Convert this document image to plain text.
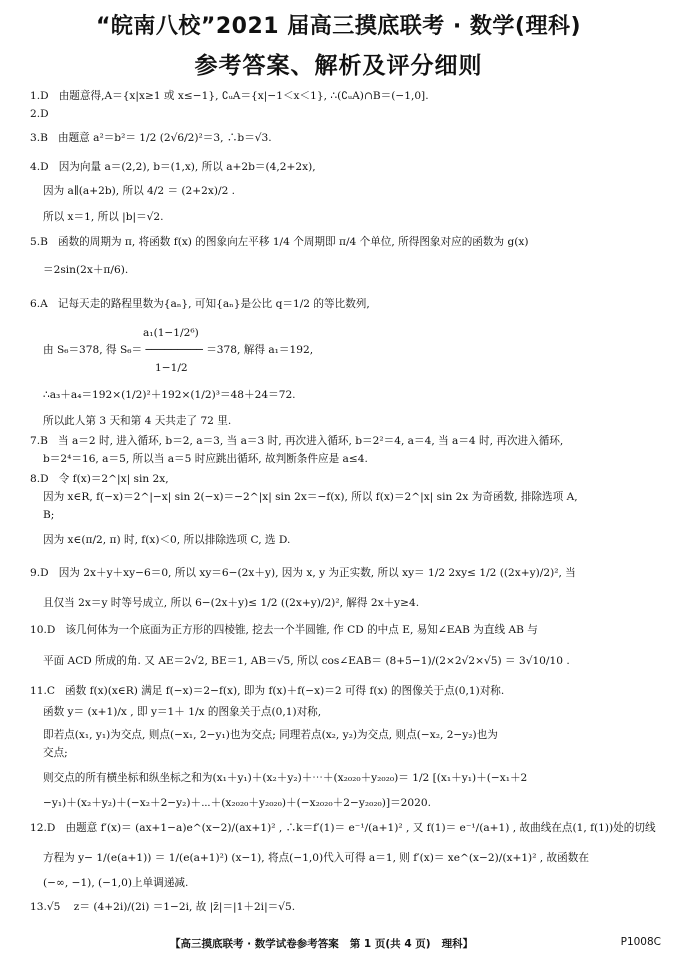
“皖南八校”2021 届高三摸底联考 · 数学(理科)
参考答案、解析及评分细则
1.D   由题意得,A＝{x|x≥1 或 x≤−1}, ∁ᵤA＝{x|−1＜x＜1}, ∴(∁ᵤA)∩B＝(−1,0].
2.D
3.B   由题意 a²＝b²＝ 1/2 (2√6/2)²＝3, ∴b＝√3.
4.D   因为向量 a＝(2,2), b＝(1,x), 所以 a+2b＝(4,2+2x),
因为 a∥(a+2b), 所以 4/2 ＝ (2+2x)/2 .
所以 x＝1, 所以 |b|＝√2.
5.B   函数的周期为 π, 将函数 f(x) 的图象向左平移 1/4 个周期即 π/4 个单位, 所得图象对应的函数为 g(x)
＝2sin(2x＋π/6).
6.A   记每天走的路程里数为{aₙ}, 可知{aₙ}是公比 q＝1/2 的等比数列,
a₁(1−1/2⁶)
由 S₆＝378, 得 S₆＝ ───────── ＝378, 解得 a₁＝192,
1−1/2
∴a₃＋a₄＝192×(1/2)²＋192×(1/2)³＝48＋24＝72.
所以此人第 3 天和第 4 天共走了 72 里.
7.B   当 a＝2 时, 进入循环, b＝2, a＝3, 当 a＝3 时, 再次进入循环, b＝2²＝4, a＝4, 当 a＝4 时, 再次进入循环,
b＝2⁴＝16, a＝5, 所以当 a＝5 时应跳出循环, 故判断条件应是 a≤4.
8.D   令 f(x)＝2^|x| sin 2x,
因为 x∈R, f(−x)＝2^|−x| sin 2(−x)＝−2^|x| sin 2x＝−f(x), 所以 f(x)＝2^|x| sin 2x 为奇函数, 排除选项 A,
B;
因为 x∈(π/2, π) 时, f(x)＜0, 所以排除选项 C, 选 D.
9.D   因为 2x＋y＋xy−6＝0, 所以 xy＝6−(2x＋y), 因为 x, y 为正实数, 所以 xy＝ 1/2 2xy≤ 1/2 ((2x+y)/2)², 当
且仅当 2x＝y 时等号成立, 所以 6−(2x＋y)≤ 1/2 ((2x+y)/2)², 解得 2x＋y≥4.
10.D   该几何体为一个底面为正方形的四棱锥, 挖去一个半圆锥, 作 CD 的中点 E, 易知∠EAB 为直线 AB 与
平面 ACD 所成的角. 又 AE＝2√2, BE＝1, AB＝√5, 所以 cos∠EAB＝ (8+5−1)/(2×2√2×√5) ＝ 3√10/10 .
11.C   函数 f(x)(x∈R) 满足 f(−x)＝2−f(x), 即为 f(x)＋f(−x)＝2 可得 f(x) 的图像关于点(0,1)对称.
函数 y＝ (x+1)/x , 即 y＝1＋ 1/x 的图象关于点(0,1)对称,
即若点(x₁, y₁)为交点, 则点(−x₁, 2−y₁)也为交点; 同理若点(x₂, y₂)为交点, 则点(−x₂, 2−y₂)也为
交点;
则交点的所有横坐标和纵坐标之和为(x₁＋y₁)＋(x₂＋y₂)＋⋯＋(x₂₀₂₀＋y₂₀₂₀)＝ 1/2 [(x₁＋y₁)＋(−x₁＋2
−y₁)＋(x₂＋y₂)＋(−x₂＋2−y₂)＋⋯＋(x₂₀₂₀＋y₂₀₂₀)＋(−x₂₀₂₀＋2−y₂₀₂₀)]＝2020.
12.D   由题意 f′(x)＝ (ax+1−a)e^(x−2)/(ax+1)² , ∴k＝f′(1)＝ e⁻¹/(a+1)² , 又 f(1)＝ e⁻¹/(a+1) , 故曲线在点(1, f(1))处的切线
方程为 y− 1/(e(a+1)) ＝ 1/(e(a+1)²) (x−1), 将点(−1,0)代入可得 a＝1, 则 f′(x)＝ xe^(x−2)/(x+1)² , 故函数在
(−∞, −1), (−1,0)上单调递减.
13.√5    z＝ (4+2i)/(2i) ＝1−2i, 故 |z̄|＝|1＋2i|＝√5.
【高三摸底联考 · 数学试卷参考答案   第 1 页(共 4 页)   理科】	P1008C
